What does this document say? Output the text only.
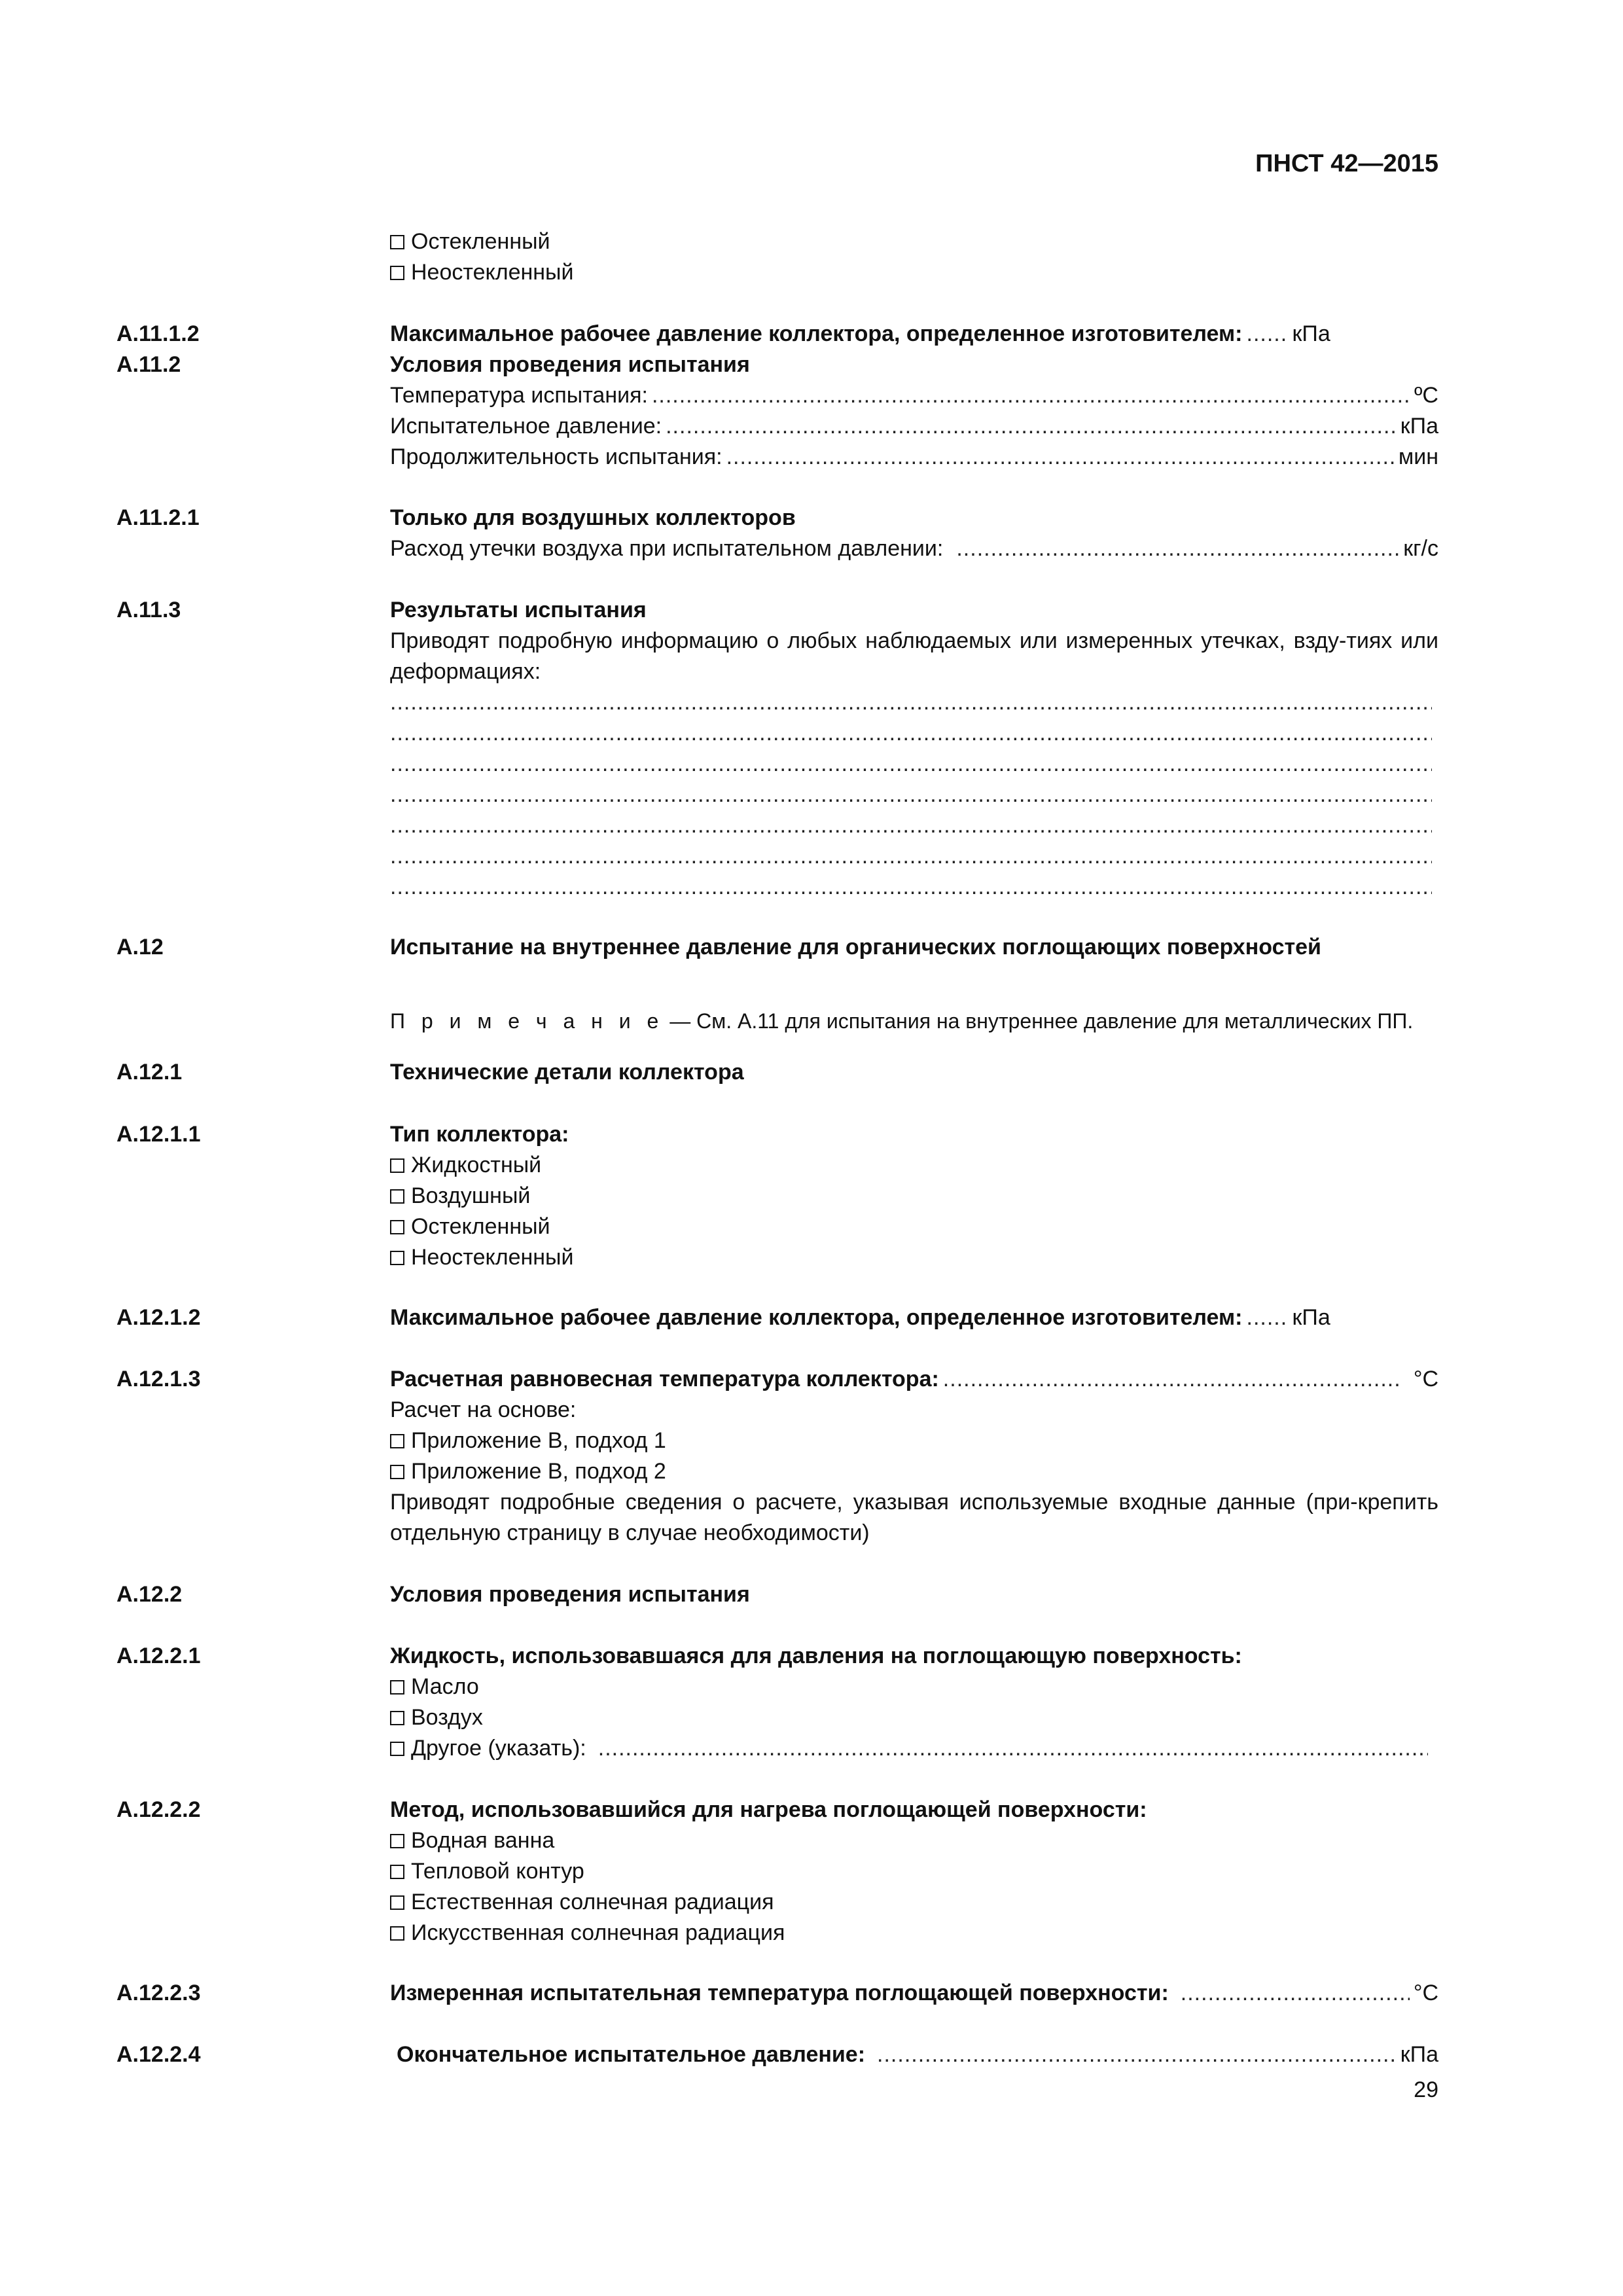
ПНСТ 42—2015
Остекленный
Неостекленный
A.11.1.2	Максимальное рабочее давление коллектора, определенное изготовителем: ..... кПа
A.11.2	Условия проведения испытания
Температура испытания: .....	ºС
Испытательное давление: .....	кПа
Продолжительность испытания: .....	мин
A.11.2.1	Только для воздушных коллекторов
Расход утечки воздуха при испытательном давлении: .....	кг/с
A.11.3	Результаты испытания
Приводят подробную информацию о любых наблюдаемых или измеренных утечках, взду-тиях или деформациях:
.....
.....
.....
.....
.....
.....
.....
A.12	Испытание на внутреннее давление для органических поглощающих поверхностей
П р и м е ч а н и е — См. А.11 для испытания на внутреннее давление для металлических ПП.
A.12.1	Технические детали коллектора
A.12.1.1	Тип коллектора:
Жидкостный
Воздушный
Остекленный
Неостекленный
A.12.1.2	Максимальное рабочее давление коллектора, определенное изготовителем: ..... кПа
A.12.1.3	Расчетная равновесная температура коллектора: .....	°С
Расчет на основе:
Приложение В, подход 1
Приложение В, подход 2
Приводят подробные сведения о расчете, указывая используемые входные данные (при-крепить отдельную страницу в случае необходимости)
A.12.2	Условия проведения испытания
A.12.2.1	Жидкость, использовавшаяся для давления на поглощающую поверхность:
Масло
Воздух
Другое (указать):
.....
A.12.2.2	Метод, использовавшийся для нагрева поглощающей поверхности:
Водная ванна
Тепловой контур
Естественная солнечная радиация
Искусственная солнечная радиация
A.12.2.3	Измеренная испытательная температура поглощающей поверхности: .....	°С
A.12.2.4	Окончательное испытательное давление: .....	кПа
29
